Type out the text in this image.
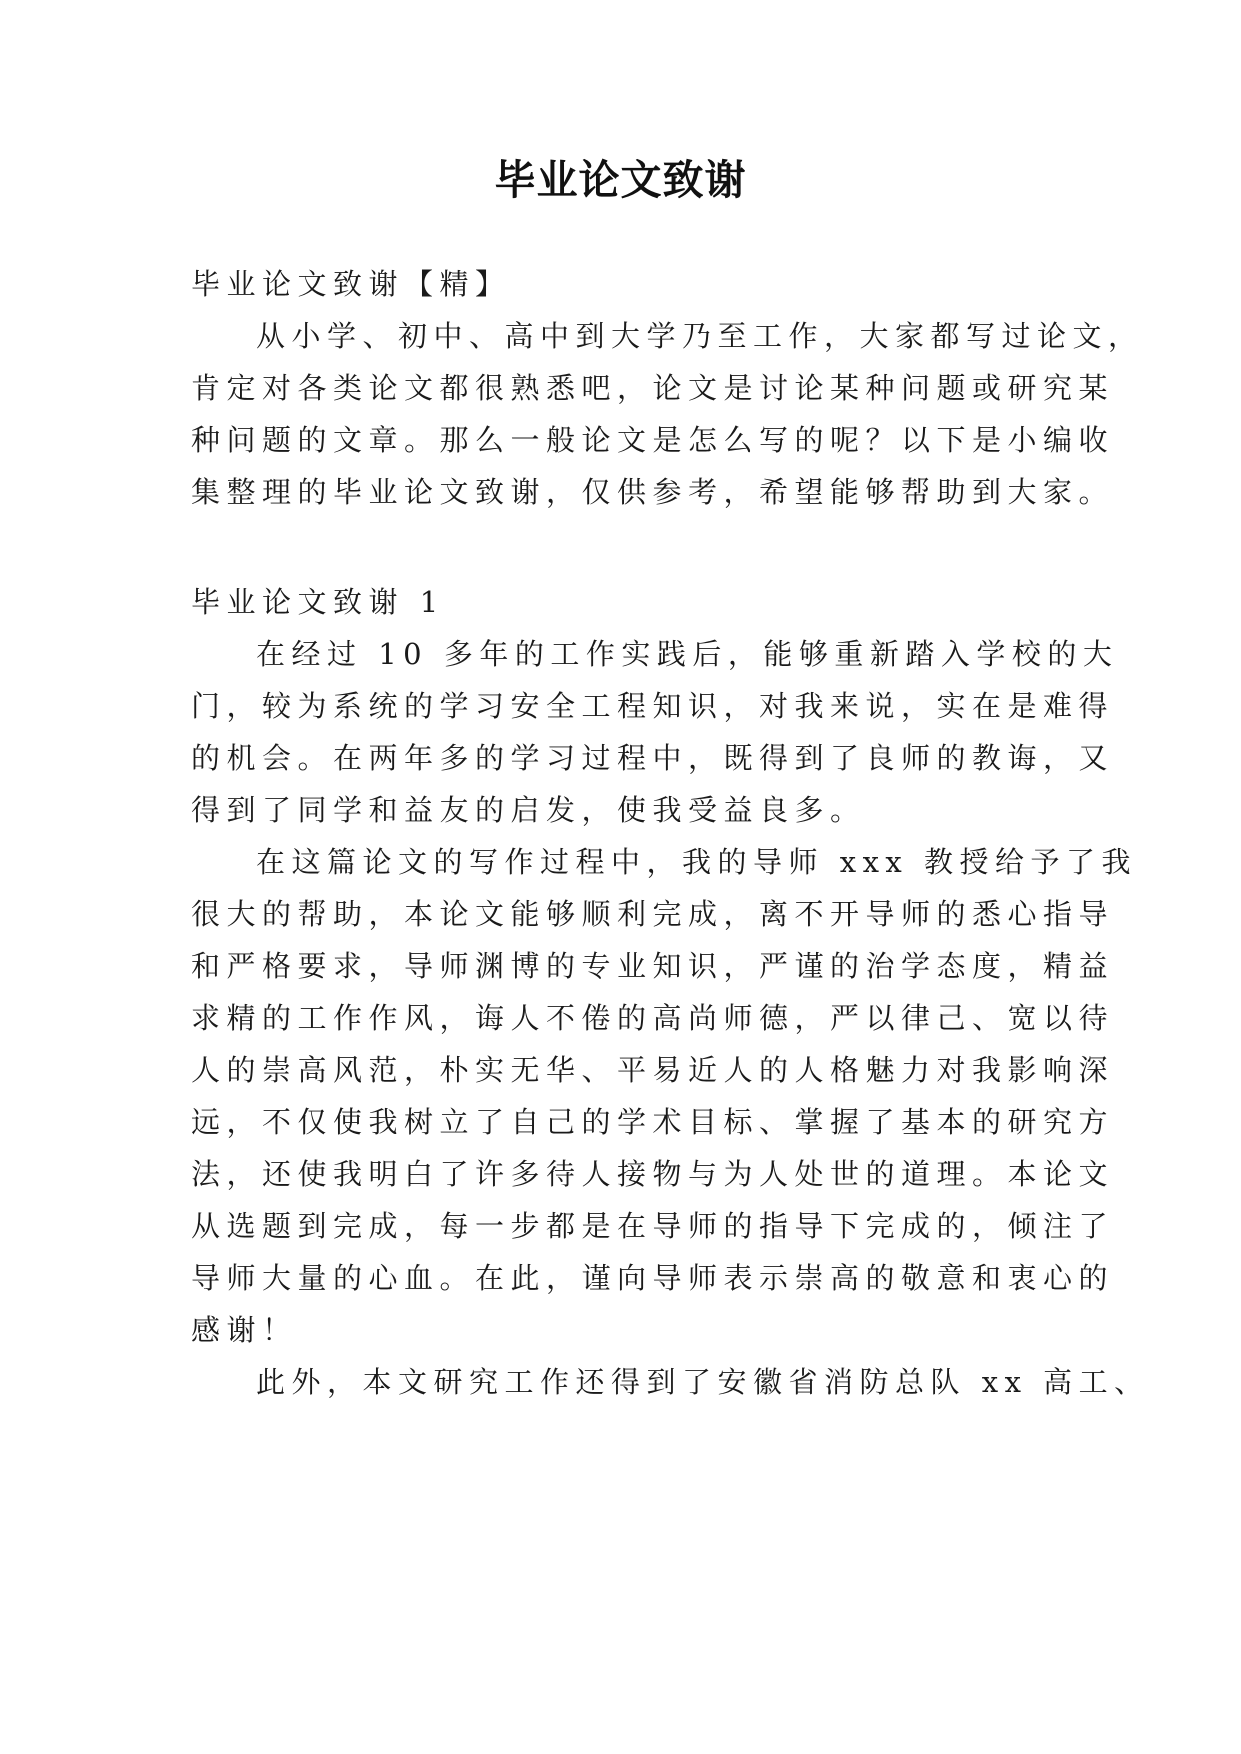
毕业论文致谢
毕业论文致谢【精】
从小学、初中、高中到大学乃至工作，大家都写过论文，
肯定对各类论文都很熟悉吧，论文是讨论某种问题或研究某
种问题的文章。那么一般论文是怎么写的呢？以下是小编收
集整理的毕业论文致谢，仅供参考，希望能够帮助到大家。
毕业论文致谢 1
在经过 10 多年的工作实践后，能够重新踏入学校的大
门，较为系统的学习安全工程知识，对我来说，实在是难得
的机会。在两年多的学习过程中，既得到了良师的教诲，又
得到了同学和益友的启发，使我受益良多。
在这篇论文的写作过程中，我的导师 xxx 教授给予了我
很大的帮助，本论文能够顺利完成，离不开导师的悉心指导
和严格要求，导师渊博的专业知识，严谨的治学态度，精益
求精的工作作风，诲人不倦的高尚师德，严以律己、宽以待
人的崇高风范，朴实无华、平易近人的人格魅力对我影响深
远，不仅使我树立了自己的学术目标、掌握了基本的研究方
法，还使我明白了许多待人接物与为人处世的道理。本论文
从选题到完成，每一步都是在导师的指导下完成的，倾注了
导师大量的心血。在此，谨向导师表示崇高的敬意和衷心的
感谢！
此外，本文研究工作还得到了安徽省消防总队 xx 高工、
